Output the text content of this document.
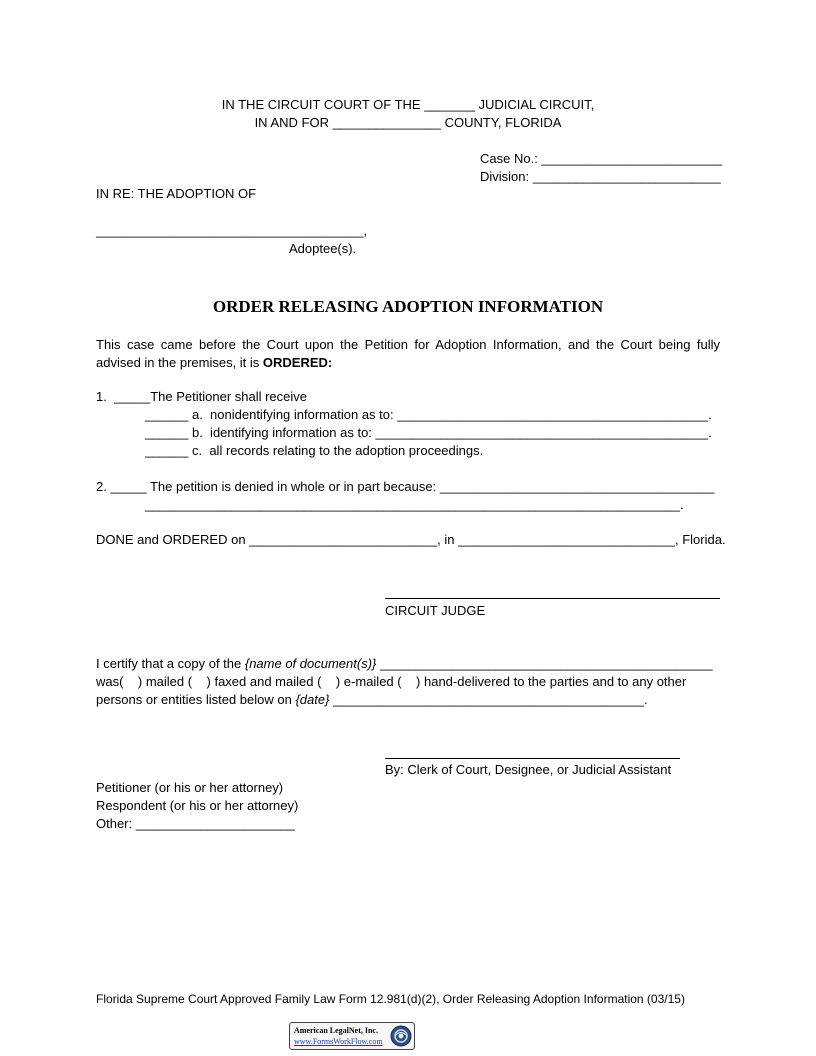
IN THE CIRCUIT COURT OF THE _______ JUDICIAL CIRCUIT,
IN AND FOR _______________ COUNTY, FLORIDA
Case No.: _________________________
Division: __________________________
IN RE: THE ADOPTION OF
_____________________________________,
Adoptee(s).
ORDER RELEASING ADOPTION INFORMATION
This case came before the Court upon the Petition for Adoption Information, and the Court being fully advised in the premises, it is ORDERED:
1.  _____The Petitioner shall receive
______ a.  nonidentifying information as to: ___________________________________________.
______ b.  identifying information as to: ______________________________________________.
______ c.  all records relating to the adoption proceedings.
2. _____ The petition is denied in whole or in part because: ______________________________________
__________________________________________________________________________.
DONE and ORDERED on __________________________, in ______________________________, Florida.
CIRCUIT JUDGE
I certify that a copy of the {name of document(s)} ______________________________________________
was(    ) mailed (    ) faxed and mailed (    ) e-mailed (    ) hand-delivered to the parties and to any other
persons or entities listed below on {date} ___________________________________________.
By: Clerk of Court, Designee, or Judicial Assistant
Petitioner (or his or her attorney)
Respondent (or his or her attorney)
Other: ______________________
Florida Supreme Court Approved Family Law Form 12.981(d)(2), Order Releasing Adoption Information (03/15)
American LegalNet, Inc.
www.FormsWorkFlow.com
